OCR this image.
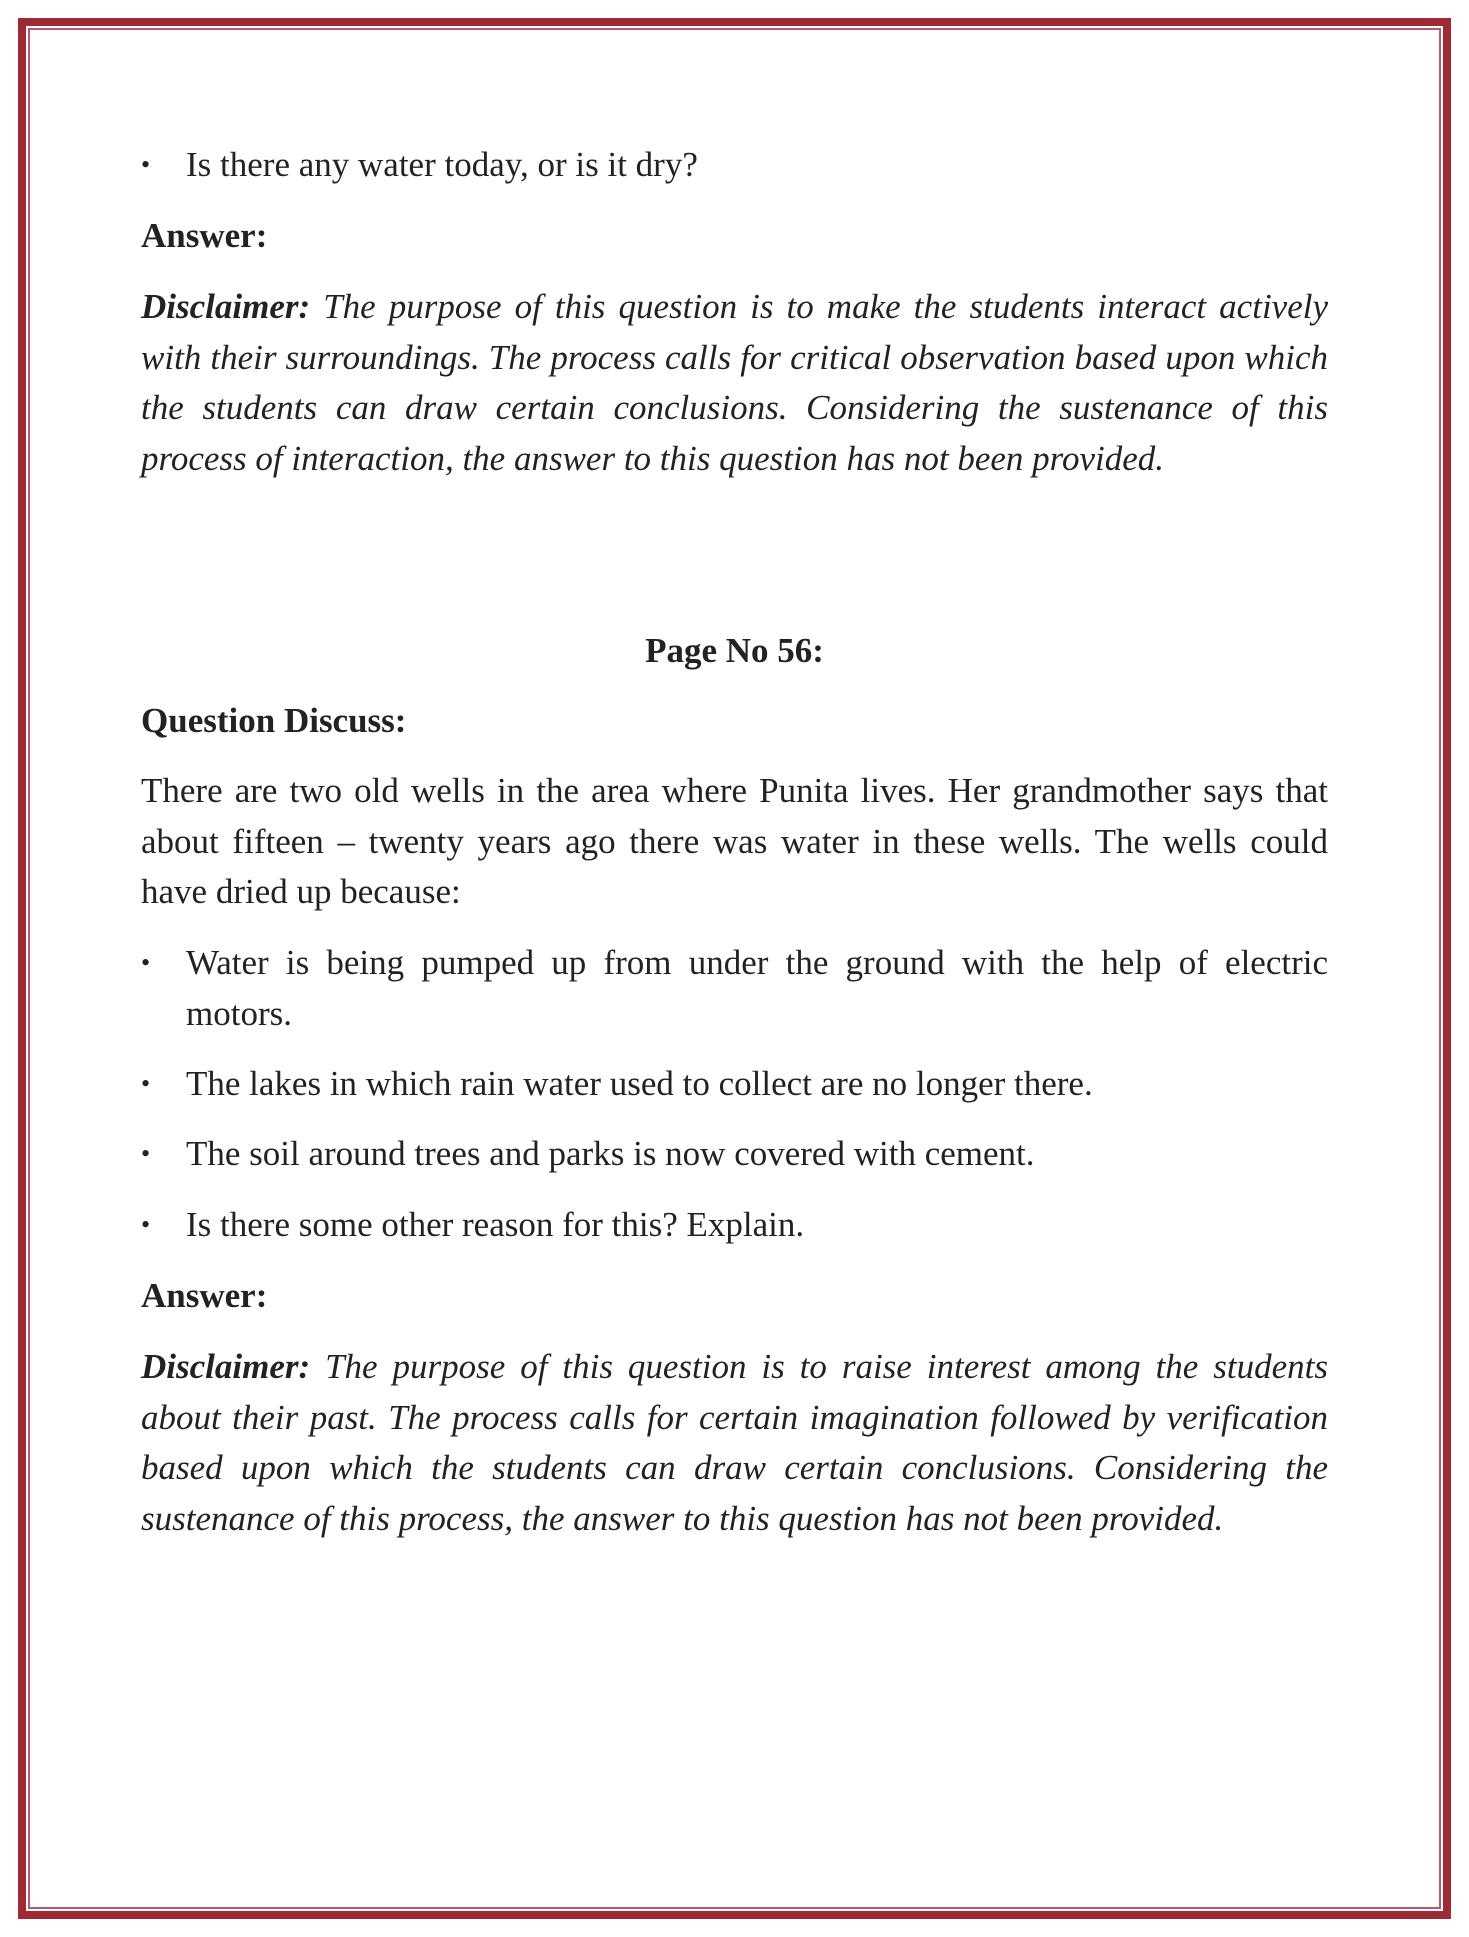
• Is there any water today, or is it dry?
Answer:
Disclaimer: The purpose of this question is to make the students interact actively with their surroundings. The process calls for critical observation based upon which the students can draw certain conclusions. Considering the sustenance of this process of interaction, the answer to this question has not been provided.
Page No 56:
Question Discuss:
There are two old wells in the area where Punita lives. Her grandmother says that about fifteen – twenty years ago there was water in these wells. The wells could have dried up because:
• Water is being pumped up from under the ground with the help of electric motors.
• The lakes in which rain water used to collect are no longer there.
• The soil around trees and parks is now covered with cement.
• Is there some other reason for this? Explain.
Answer:
Disclaimer: The purpose of this question is to raise interest among the students about their past. The process calls for certain imagination followed by verification based upon which the students can draw certain conclusions. Considering the sustenance of this process, the answer to this question has not been provided.
